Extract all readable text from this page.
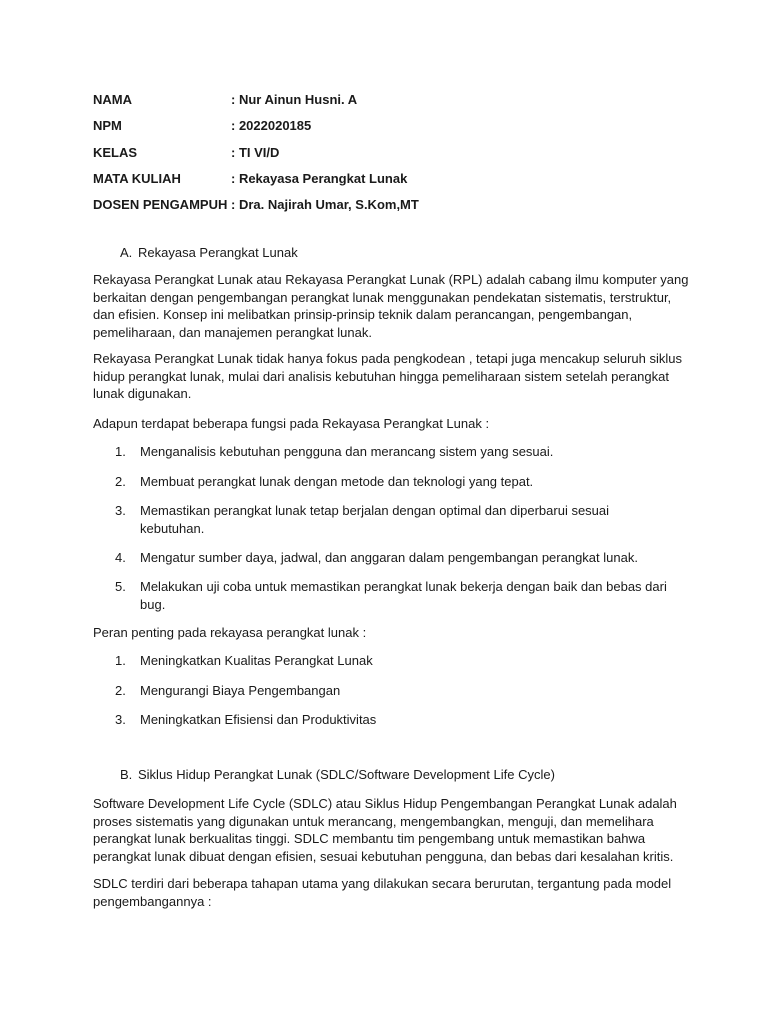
NAMA	: Nur Ainun Husni. A
NPM	: 2022020185
KELAS	: TI VI/D
MATA KULIAH	: Rekayasa Perangkat Lunak
DOSEN PENGAMPUH : Dra. Najirah Umar, S.Kom,MT
A. Rekayasa Perangkat Lunak
Rekayasa Perangkat Lunak atau Rekayasa Perangkat Lunak (RPL) adalah cabang ilmu komputer yang
berkaitan dengan pengembangan perangkat lunak menggunakan pendekatan sistematis, terstruktur,
dan efisien. Konsep ini melibatkan prinsip-prinsip teknik dalam perancangan, pengembangan,
pemeliharaan, dan manajemen perangkat lunak.
Rekayasa Perangkat Lunak tidak hanya fokus pada pengkodean , tetapi juga mencakup seluruh siklus
hidup perangkat lunak, mulai dari analisis kebutuhan hingga pemeliharaan sistem setelah perangkat
lunak digunakan.
Adapun terdapat beberapa fungsi pada Rekayasa Perangkat Lunak :
1.	Menganalisis kebutuhan pengguna dan merancang sistem yang sesuai.
2.	Membuat perangkat lunak dengan metode dan teknologi yang tepat.
3.	Memastikan perangkat lunak tetap berjalan dengan optimal dan diperbarui sesuai
kebutuhan.
4.	Mengatur sumber daya, jadwal, dan anggaran dalam pengembangan perangkat lunak.
5.	Melakukan uji coba untuk memastikan perangkat lunak bekerja dengan baik dan bebas dari
bug.
Peran penting pada rekayasa perangkat lunak :
1.	Meningkatkan Kualitas Perangkat Lunak
2.	Mengurangi Biaya Pengembangan
3.	Meningkatkan Efisiensi dan Produktivitas
B. Siklus Hidup Perangkat Lunak (SDLC/Software Development Life Cycle)
Software Development Life Cycle (SDLC) atau Siklus Hidup Pengembangan Perangkat Lunak adalah
proses sistematis yang digunakan untuk merancang, mengembangkan, menguji, dan memelihara
perangkat lunak berkualitas tinggi. SDLC membantu tim pengembang untuk memastikan bahwa
perangkat lunak dibuat dengan efisien, sesuai kebutuhan pengguna, dan bebas dari kesalahan kritis.
SDLC terdiri dari beberapa tahapan utama yang dilakukan secara berurutan, tergantung pada model
pengembangannya :
